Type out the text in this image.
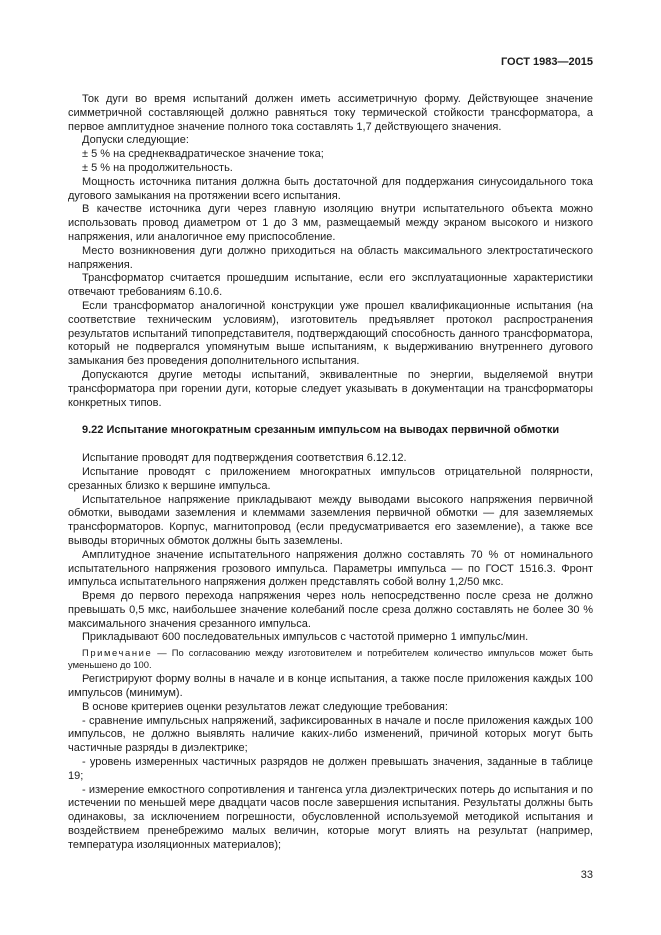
ГОСТ 1983—2015

Ток дуги во время испытаний должен иметь ассиметричную форму. Действующее значение симметричной составляющей должно равняться току термической стойкости трансформатора, а первое амплитудное значение полного тока составлять 1,7 действующего значения.

Допуски следующие:

± 5 % на среднеквадратическое значение тока;

± 5 % на продолжительность.

Мощность источника питания должна быть достаточной для поддержания синусоидального тока дугового замыкания на протяжении всего испытания.

В качестве источника дуги через главную изоляцию внутри испытательного объекта можно использовать провод диаметром от 1 до 3 мм, размещаемый между экраном высокого и низкого напряжения, или аналогичное ему приспособление.

Место возникновения дуги должно приходиться на область максимального электростатического напряжения.

Трансформатор считается прошедшим испытание, если его эксплуатационные характеристики отвечают требованиям 6.10.6.

Если трансформатор аналогичной конструкции уже прошел квалификационные испытания (на соответствие техническим условиям), изготовитель предъявляет протокол распространения результатов испытаний типопредставителя, подтверждающий способность данного трансформатора, который не подвергался упомянутым выше испытаниям, к выдерживанию внутреннего дугового замыкания без проведения дополнительного испытания.

Допускаются другие методы испытаний, эквивалентные по энергии, выделяемой внутри трансформатора при горении дуги, которые следует указывать в документации на трансформаторы конкретных типов.

9.22 Испытание многократным срезанным импульсом на выводах первичной обмотки

Испытание проводят для подтверждения соответствия 6.12.12.

Испытание проводят с приложением многократных импульсов отрицательной полярности, срезанных близко к вершине импульса.

Испытательное напряжение прикладывают между выводами высокого напряжения первичной обмотки, выводами заземления и клеммами заземления первичной обмотки — для заземляемых трансформаторов. Корпус, магнитопровод (если предусматривается его заземление), а также все выводы вторичных обмоток должны быть заземлены.

Амплитудное значение испытательного напряжения должно составлять 70 % от номинального испытательного напряжения грозового импульса. Параметры импульса — по ГОСТ 1516.3. Фронт импульса испытательного напряжения должен представлять собой волну 1,2/50 мкс.

Время до первого перехода напряжения через ноль непосредственно после среза не должно превышать 0,5 мкс, наибольшее значение колебаний после среза должно составлять не более 30 % максимального значения срезанного импульса.

Прикладывают 600 последовательных импульсов с частотой примерно 1 импульс/мин.

Примечание — По согласованию между изготовителем и потребителем количество импульсов может быть уменьшено до 100.

Регистрируют форму волны в начале и в конце испытания, а также после приложения каждых 100 импульсов (минимум).

В основе критериев оценки результатов лежат следующие требования:

- сравнение импульсных напряжений, зафиксированных в начале и после приложения каждых 100 импульсов, не должно выявлять наличие каких-либо изменений, причиной которых могут быть частичные разряды в диэлектрике;

- уровень измеренных частичных разрядов не должен превышать значения, заданные в таблице 19;

- измерение емкостного сопротивления и тангенса угла диэлектрических потерь до испытания и по истечении по меньшей мере двадцати часов после завершения испытания. Результаты должны быть одинаковы, за исключением погрешности, обусловленной используемой методикой испытания и воздействием пренебрежимо малых величин, которые могут влиять на результат (например, температура изоляционных материалов);

33
